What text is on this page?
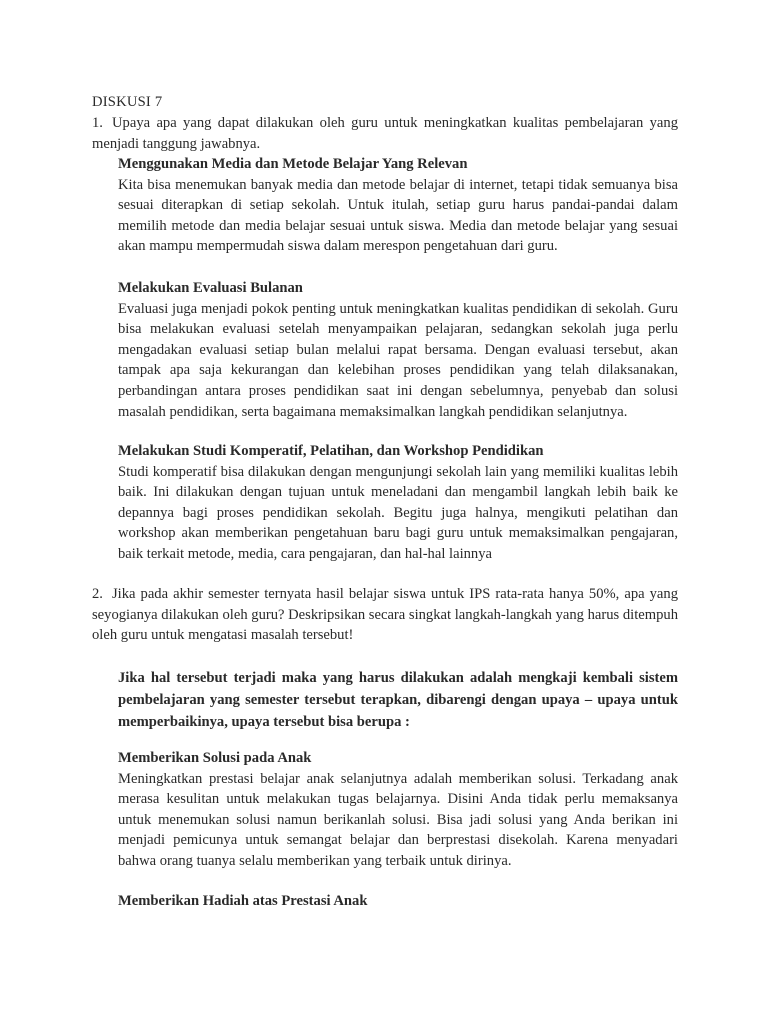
DISKUSI 7
1. Upaya apa yang dapat dilakukan oleh guru untuk meningkatkan kualitas pembelajaran yang menjadi tanggung jawabnya.

Menggunakan Media dan Metode Belajar Yang Relevan

Kita bisa menemukan banyak media dan metode belajar di internet, tetapi tidak semuanya bisa sesuai diterapkan di setiap sekolah. Untuk itulah, setiap guru harus pandai-pandai dalam memilih metode dan media belajar sesuai untuk siswa. Media dan metode belajar yang sesuai akan mampu mempermudah siswa dalam merespon pengetahuan dari guru.

Melakukan Evaluasi Bulanan

Evaluasi juga menjadi pokok penting untuk meningkatkan kualitas pendidikan di sekolah. Guru bisa melakukan evaluasi setelah menyampaikan pelajaran, sedangkan sekolah juga perlu mengadakan evaluasi setiap bulan melalui rapat bersama. Dengan evaluasi tersebut, akan tampak apa saja kekurangan dan kelebihan proses pendidikan yang telah dilaksanakan, perbandingan antara proses pendidikan saat ini dengan sebelumnya, penyebab dan solusi masalah pendidikan, serta bagaimana memaksimalkan langkah pendidikan selanjutnya.

Melakukan Studi Komperatif, Pelatihan, dan Workshop Pendidikan

Studi komperatif bisa dilakukan dengan mengunjungi sekolah lain yang memiliki kualitas lebih baik. Ini dilakukan dengan tujuan untuk meneladani dan mengambil langkah lebih baik ke depannya bagi proses pendidikan sekolah. Begitu juga halnya, mengikuti pelatihan dan workshop akan memberikan pengetahuan baru bagi guru untuk memaksimalkan pengajaran, baik terkait metode, media, cara pengajaran, dan hal-hal lainnya

2. Jika pada akhir semester ternyata hasil belajar siswa untuk IPS rata-rata hanya 50%, apa yang seyogianya dilakukan oleh guru? Deskripsikan secara singkat langkah-langkah yang harus ditempuh oleh guru untuk mengatasi masalah tersebut!

Jika hal tersebut terjadi maka yang harus dilakukan adalah mengkaji kembali sistem pembelajaran yang semester tersebut terapkan, dibarengi dengan upaya – upaya untuk memperbaikinya, upaya tersebut bisa berupa :

Memberikan Solusi pada Anak

Meningkatkan prestasi belajar anak selanjutnya adalah memberikan solusi. Terkadang anak merasa kesulitan untuk melakukan tugas belajarnya. Disini Anda tidak perlu memaksanya untuk menemukan solusi namun berikanlah solusi. Bisa jadi solusi yang Anda berikan ini menjadi pemicunya untuk semangat belajar dan berprestasi disekolah. Karena menyadari bahwa orang tuanya selalu memberikan yang terbaik untuk dirinya.

Memberikan Hadiah atas Prestasi Anak
